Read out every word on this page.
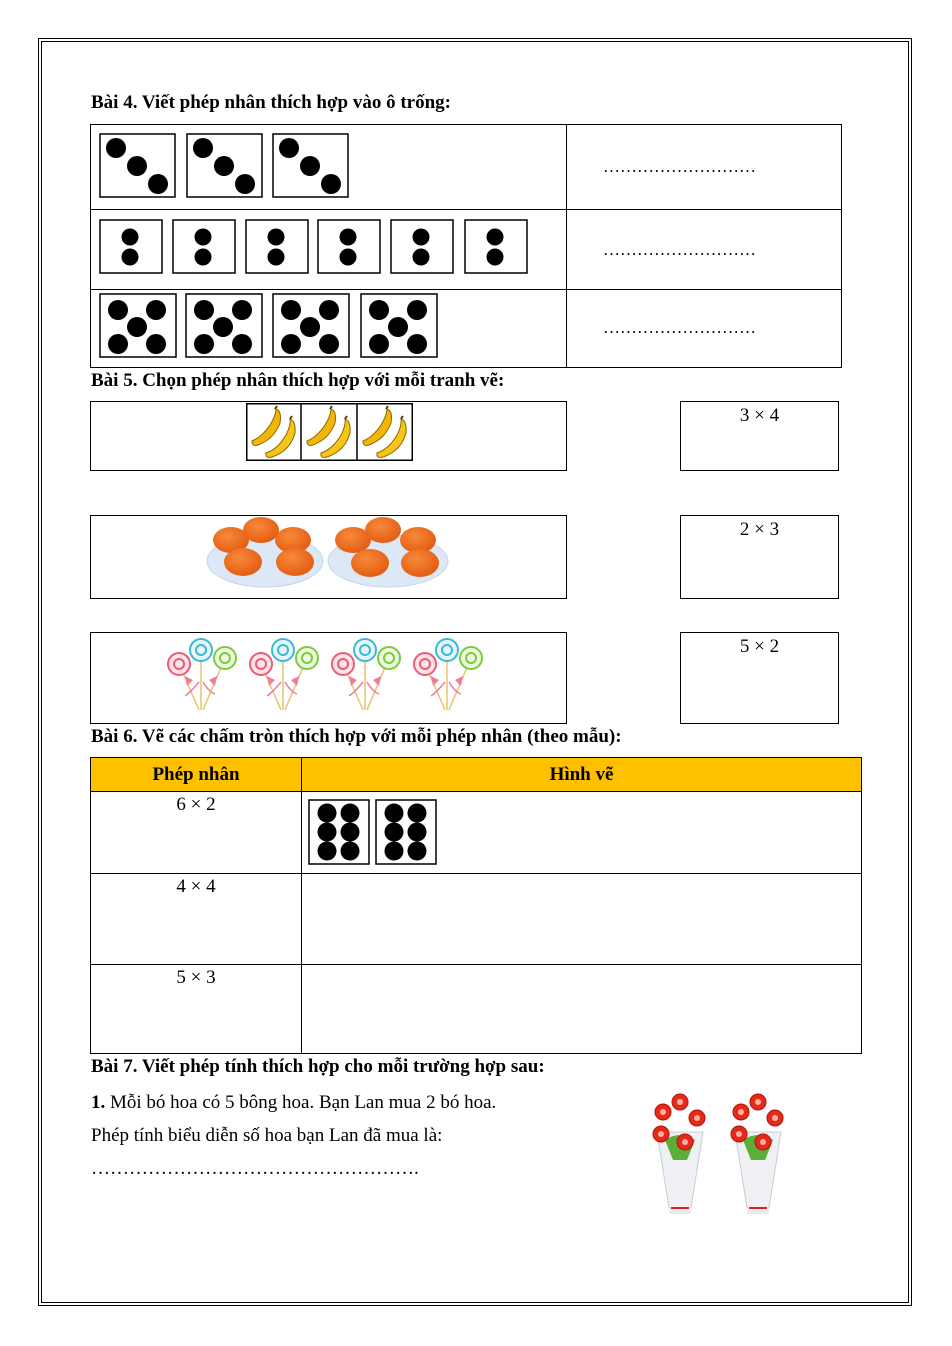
Bài 4. Viết phép nhân thích hợp vào ô trống:
………………………
………………………
………………………
Bài 5. Chọn phép nhân thích hợp với mỗi tranh vẽ:
3 × 4
2 × 3
5 × 2
Bài 6. Vẽ các chấm tròn thích hợp với mỗi phép nhân (theo mẫu):
Phép nhân	Hình vẽ
6 × 2	

4 × 4	
5 × 3	
Bài 7. Viết phép tính thích hợp cho mỗi trường hợp sau:
1. Mỗi bó hoa có 5 bông hoa. Bạn Lan mua 2 bó hoa.
Phép tính biểu diễn số hoa bạn Lan đã mua là:
…………………………………………….
